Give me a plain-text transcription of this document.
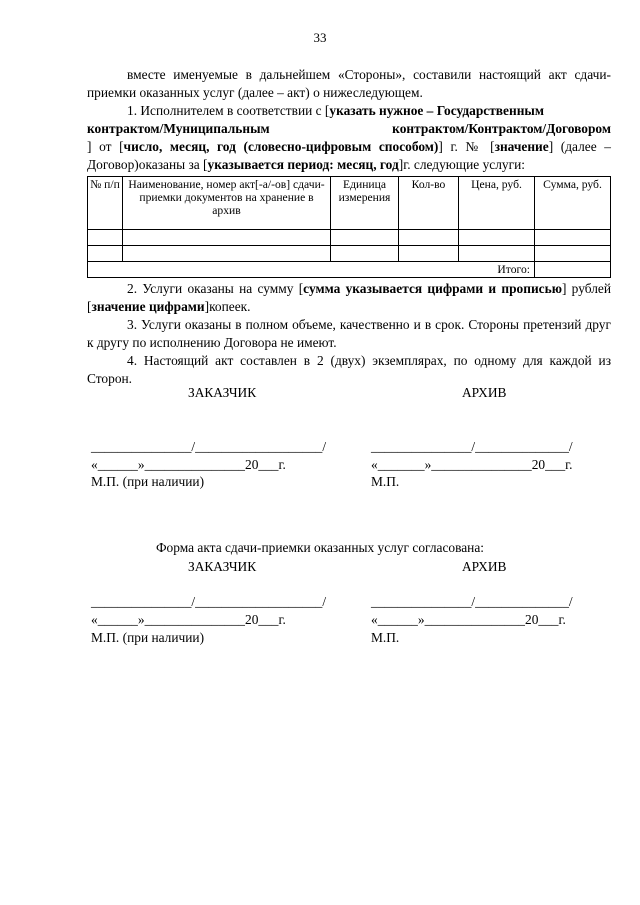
33

вместе именуемые в дальнейшем «Стороны», составили настоящий акт сдачи-приемки оказанных услуг (далее – акт) о нижеследующем.

1. Исполнителем в соответствии с [указать нужное – Государственным
контрактом/Муниципальным	контрактом/Контрактом/Договором
] от [число, месяц, год (словесно-цифровым способом)] г. № [значение] (далее – Договор)оказаны за [указывается период: месяц, год]г. следующие услуги:

№ п/п	Наименование, номер акт[-а/-ов] сдачи-приемки документов на хранение в архив	Единица измерения	Кол-во	Цена, руб.	Сумма, руб.

Итого:					

2. Услуги оказаны на сумму [сумма указывается цифрами и прописью] рублей [значение цифрами]копеек.

3. Услуги оказаны в полном объеме, качественно и в срок. Стороны претензий друг к другу по исполнению Договора не имеют.

4. Настоящий акт составлен в 2 (двух) экземплярах, по одному для каждой из Сторон.

ЗАКАЗЧИК	АРХИВ
_______________/___________________/	_______________/______________/
«______»_______________20___г.	«_______»_______________20___г.
М.П. (при наличии)	М.П.
Форма акта сдачи-приемки оказанных услуг согласована:
ЗАКАЗЧИК	АРХИВ
_______________/___________________/	_______________/______________/
«______»_______________20___г.	«______»_______________20___г.
М.П. (при наличии)	М.П.
